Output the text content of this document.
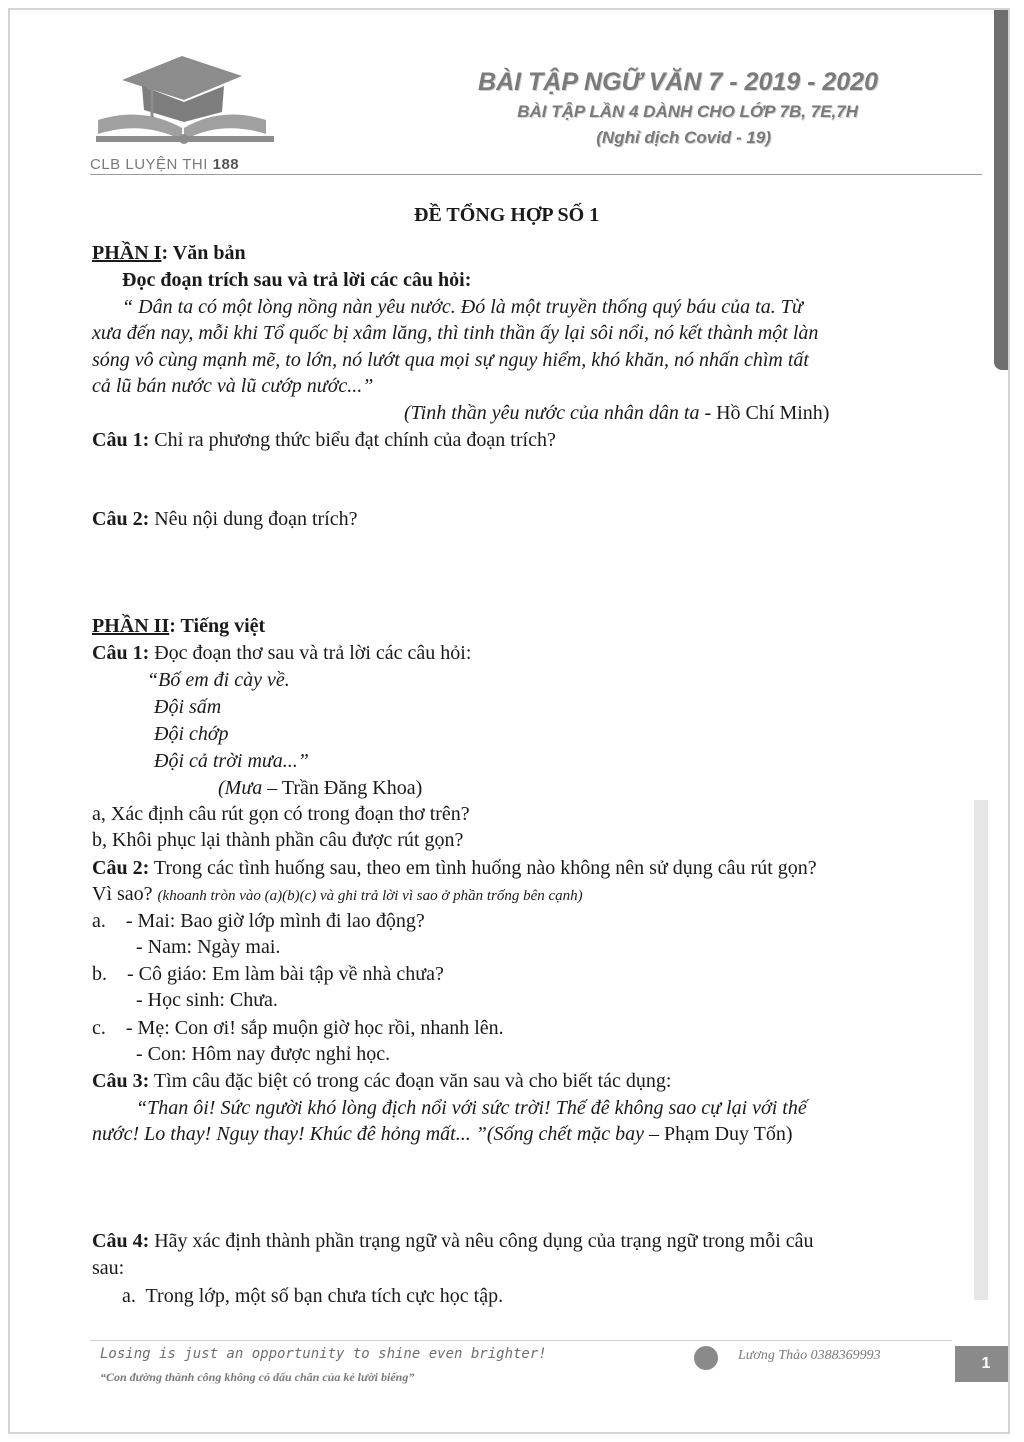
CLB LUYỆN THI 188
BÀI TẬP NGỮ VĂN 7 - 2019 - 2020
BÀI TẬP LẦN 4 DÀNH CHO LỚP 7B, 7E,7H
(Nghỉ dịch Covid - 19)
ĐỀ TỔNG HỢP SỐ 1
PHẦN I: Văn bản
Đọc đoạn trích sau và trả lời các câu hỏi:
“ Dân ta có một lòng nồng nàn yêu nước. Đó là một truyền thống quý báu của ta. Từ
xưa đến nay, mỗi khi Tổ quốc bị xâm lăng, thì tinh thần ấy lại sôi nổi, nó kết thành một làn
sóng vô cùng mạnh mẽ, to lớn, nó lướt qua mọi sự nguy hiểm, khó khăn, nó nhấn chìm tất
cả lũ bán nước và lũ cướp nước...”
(Tinh thần yêu nước của nhân dân ta - Hồ Chí Minh)
Câu 1: Chỉ ra phương thức biểu đạt chính của đoạn trích?
Câu 2: Nêu nội dung đoạn trích?
PHẦN II: Tiếng việt
Câu 1: Đọc đoạn thơ sau và trả lời các câu hỏi:
“Bố em đi cày về.
Đội sấm
Đội chớp
Đội cả trời mưa...”
(Mưa – Trần Đăng Khoa)
a, Xác định câu rút gọn có trong đoạn thơ trên?
b, Khôi phục lại thành phần câu được rút gọn?
Câu 2: Trong các tình huống sau, theo em tình huống nào không nên sử dụng câu rút gọn?
Vì sao? (khoanh tròn vào (a)(b)(c) và ghi trả lời vì sao ở phần trống bên cạnh)
a.    - Mai: Bao giờ lớp mình đi lao động?
- Nam: Ngày mai.
b.    - Cô giáo: Em làm bài tập về nhà chưa?
- Học sinh: Chưa.
c.    - Mẹ: Con ơi! sắp muộn giờ học rồi, nhanh lên.
- Con: Hôm nay được nghỉ học.
Câu 3: Tìm câu đặc biệt có trong các đoạn văn sau và cho biết tác dụng:
“Than ôi! Sức người khó lòng địch nổi với sức trời! Thế đê không sao cự lại với thế
nước! Lo thay! Nguy thay! Khúc đê hỏng mất... ”(Sống chết mặc bay – Phạm Duy Tốn)
Câu 4: Hãy xác định thành phần trạng ngữ và nêu công dụng của trạng ngữ trong mỗi câu
sau:
a.  Trong lớp, một số bạn chưa tích cực học tập.
Losing is just an opportunity to shine even brighter!
“Con đường thành công không có dấu chân của kẻ lười biếng”
Lương Thảo 0388369993	1
